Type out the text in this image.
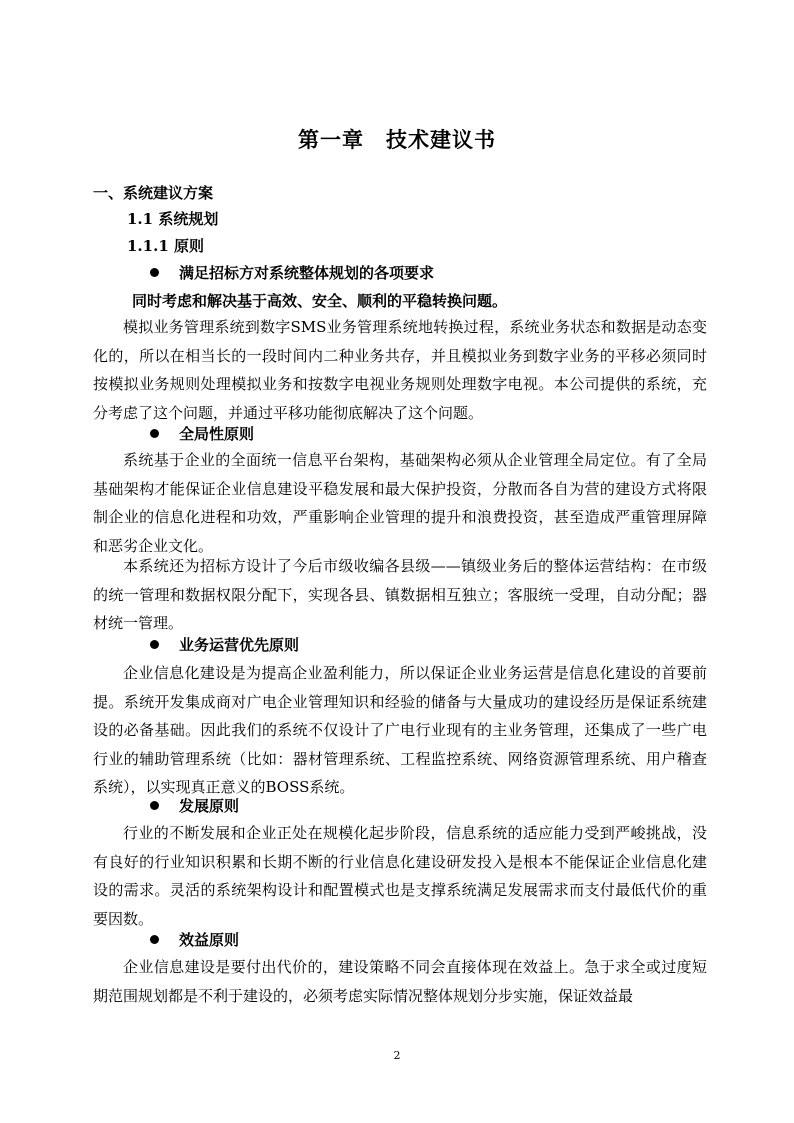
第一章　技术建议书
一、系统建议方案
1.1 系统规划
1.1.1 原则
满足招标方对系统整体规划的各项要求
同时考虑和解决基于高效、安全、顺利的平稳转换问题。

模拟业务管理系统到数字SMS业务管理系统地转换过程，系统业务状态和数据是动态变化的，所以在相当长的一段时间内二种业务共存，并且模拟业务到数字业务的平移必须同时按模拟业务规则处理模拟业务和按数字电视业务规则处理数字电视。本公司提供的系统，充分考虑了这个问题，并通过平移功能彻底解决了这个问题。

全局性原则

系统基于企业的全面统一信息平台架构，基础架构必须从企业管理全局定位。有了全局基础架构才能保证企业信息建设平稳发展和最大保护投资，分散而各自为营的建设方式将限制企业的信息化进程和功效，严重影响企业管理的提升和浪费投资，甚至造成严重管理屏障和恶劣企业文化。

本系统还为招标方设计了今后市级收编各县级——镇级业务后的整体运营结构：在市级的统一管理和数据权限分配下，实现各县、镇数据相互独立；客服统一受理，自动分配；器材统一管理。

业务运营优先原则

企业信息化建设是为提高企业盈利能力，所以保证企业业务运营是信息化建设的首要前提。系统开发集成商对广电企业管理知识和经验的储备与大量成功的建设经历是保证系统建设的必备基础。因此我们的系统不仅设计了广电行业现有的主业务管理，还集成了一些广电行业的辅助管理系统（比如：器材管理系统、工程监控系统、网络资源管理系统、用户稽查系统），以实现真正意义的BOSS系统。

发展原则

行业的不断发展和企业正处在规模化起步阶段，信息系统的适应能力受到严峻挑战，没有良好的行业知识积累和长期不断的行业信息化建设研发投入是根本不能保证企业信息化建设的需求。灵活的系统架构设计和配置模式也是支撑系统满足发展需求而支付最低代价的重要因数。

效益原则

企业信息建设是要付出代价的，建设策略不同会直接体现在效益上。急于求全或过度短期范围规划都是不利于建设的，必须考虑实际情况整体规划分步实施，保证效益最

2
